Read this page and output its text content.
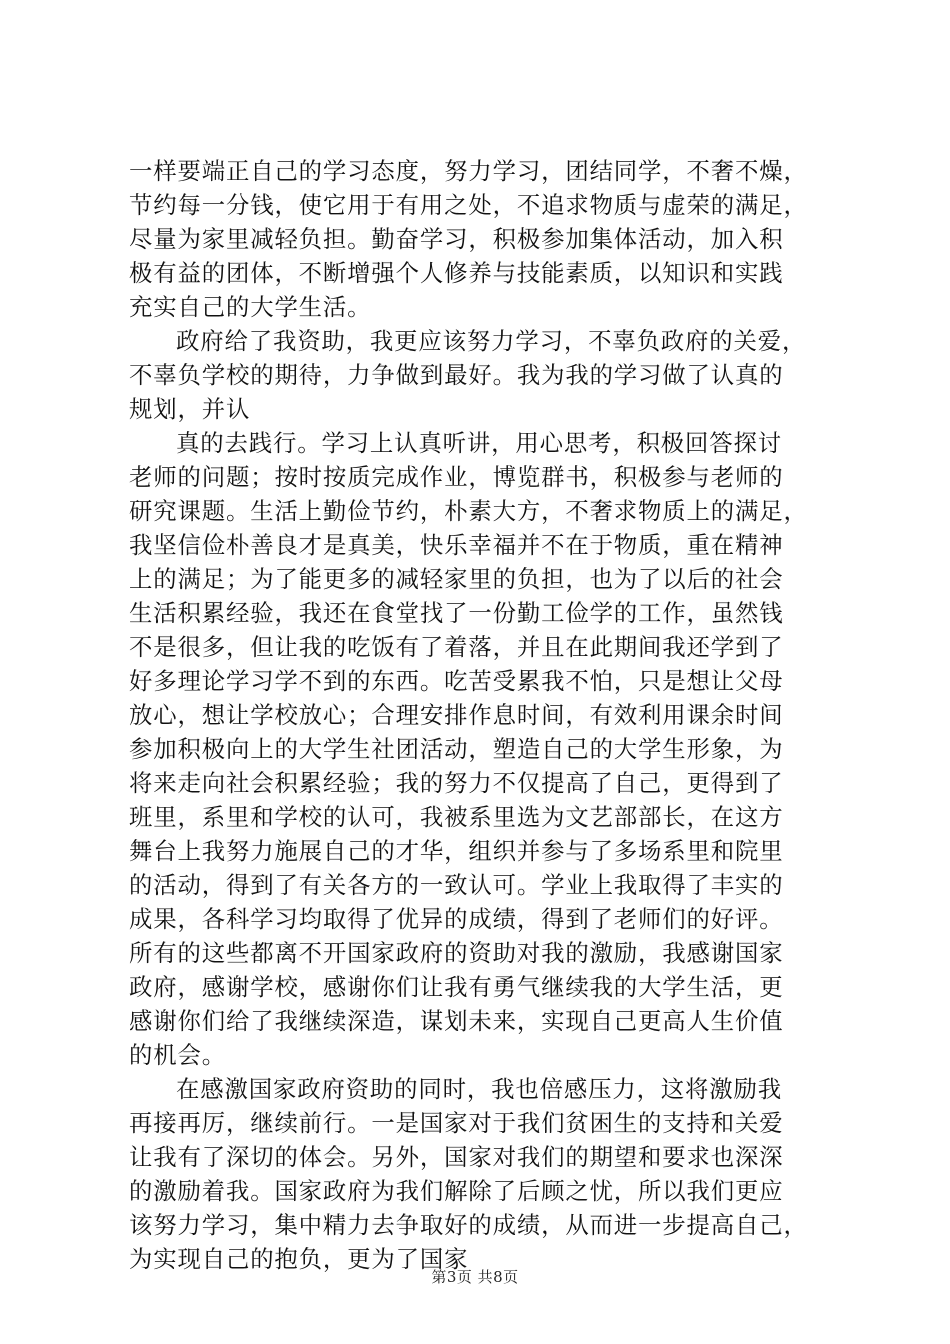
一样要端正自己的学习态度，努力学习，团结同学，不奢不燥，
节约每一分钱，使它用于有用之处，不追求物质与虚荣的满足，
尽量为家里减轻负担。勤奋学习，积极参加集体活动，加入积
极有益的团体，不断增强个人修养与技能素质，以知识和实践
充实自己的大学生活。
政府给了我资助，我更应该努力学习，不辜负政府的关爱，
不辜负学校的期待，力争做到最好。我为我的学习做了认真的
规划，并认
真的去践行。学习上认真听讲，用心思考，积极回答探讨
老师的问题；按时按质完成作业，博览群书，积极参与老师的
研究课题。生活上勤俭节约，朴素大方，不奢求物质上的满足，
我坚信俭朴善良才是真美，快乐幸福并不在于物质，重在精神
上的满足；为了能更多的减轻家里的负担，也为了以后的社会
生活积累经验，我还在食堂找了一份勤工俭学的工作，虽然钱
不是很多，但让我的吃饭有了着落，并且在此期间我还学到了
好多理论学习学不到的东西。吃苦受累我不怕，只是想让父母
放心，想让学校放心；合理安排作息时间，有效利用课余时间
参加积极向上的大学生社团活动，塑造自己的大学生形象，为
将来走向社会积累经验；我的努力不仅提高了自己，更得到了
班里，系里和学校的认可，我被系里选为文艺部部长，在这方
舞台上我努力施展自己的才华，组织并参与了多场系里和院里
的活动，得到了有关各方的一致认可。学业上我取得了丰实的
成果，各科学习均取得了优异的成绩，得到了老师们的好评。
所有的这些都离不开国家政府的资助对我的激励，我感谢国家
政府，感谢学校，感谢你们让我有勇气继续我的大学生活，更
感谢你们给了我继续深造，谋划未来，实现自己更高人生价值
的机会。
在感激国家政府资助的同时，我也倍感压力，这将激励我
再接再厉，继续前行。一是国家对于我们贫困生的支持和关爱
让我有了深切的体会。另外，国家对我们的期望和要求也深深
的激励着我。国家政府为我们解除了后顾之忧，所以我们更应
该努力学习，集中精力去争取好的成绩，从而进一步提高自己，
为实现自己的抱负，更为了国家
第3页 共8页
